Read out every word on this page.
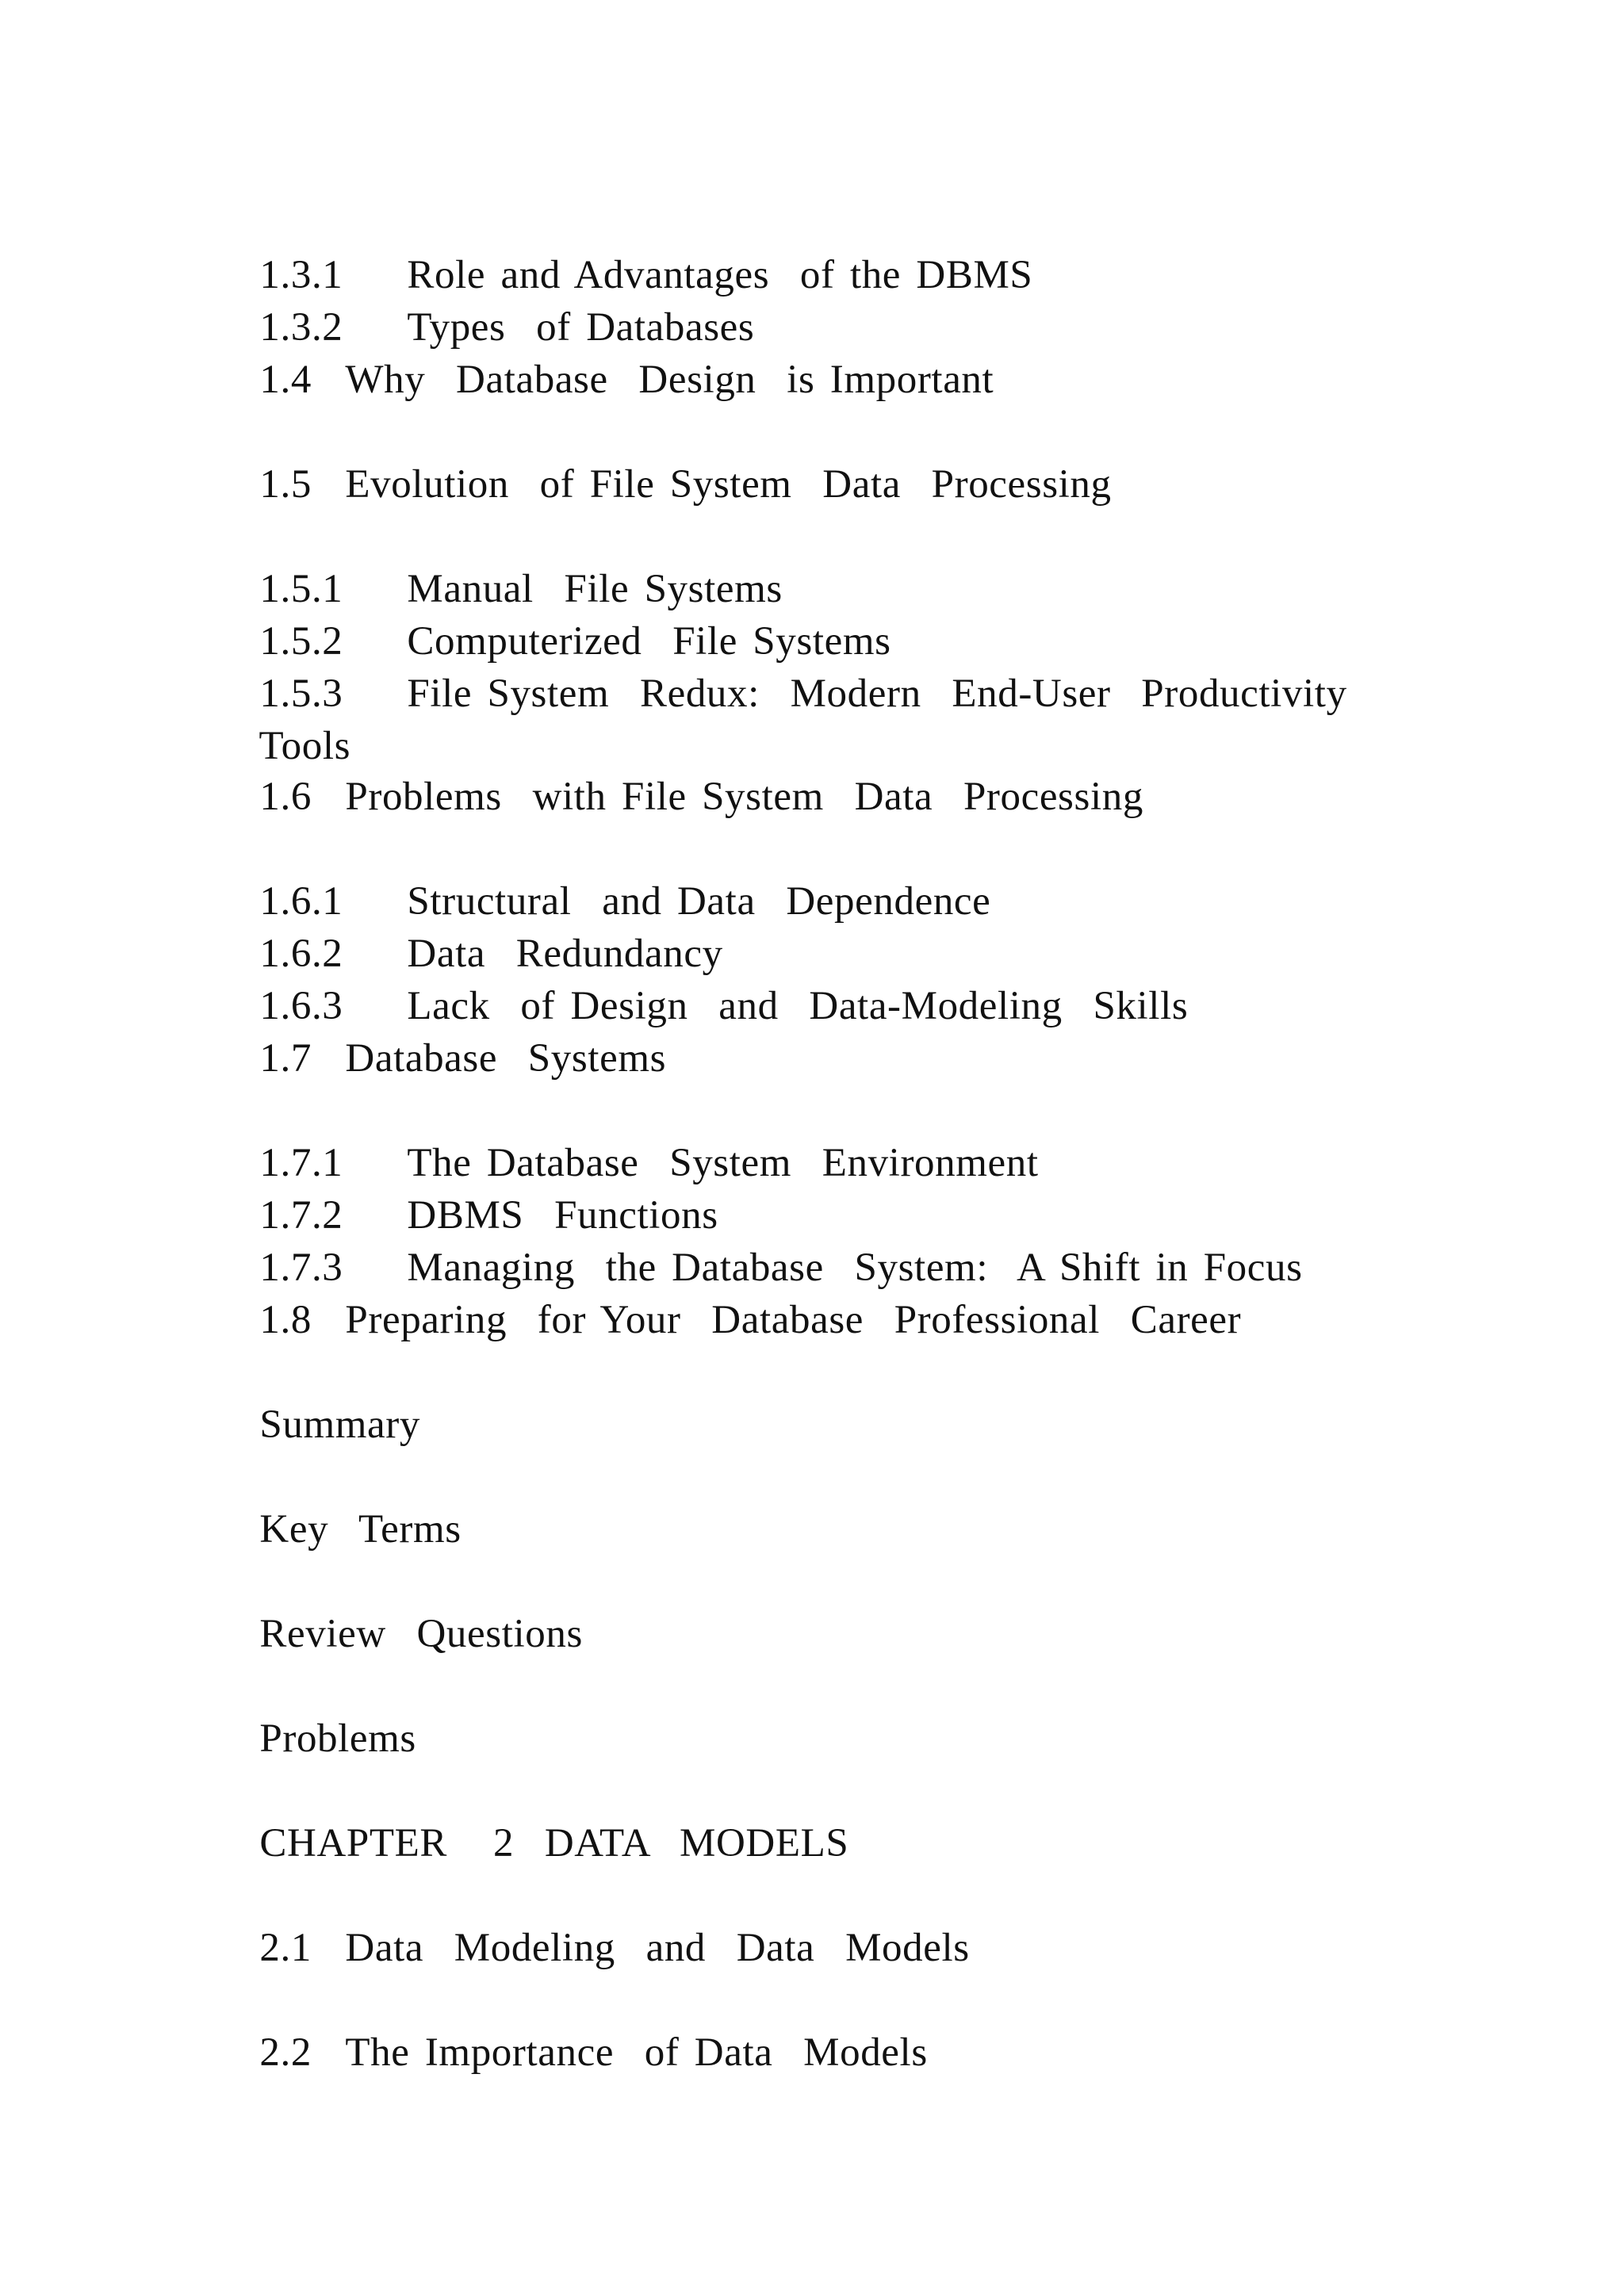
1.3.1 Role and Advantages  of the DBMS

1.3.2 Types  of Databases

1.4 Why  Database  Design  is Important

1.5 Evolution  of File System  Data  Processing

1.5.1 Manual  File Systems

1.5.2 Computerized  File Systems

1.5.3 File System  Redux:  Modern  End-User  Productivity

Tools

1.6 Problems  with File System  Data  Processing

1.6.1 Structural  and Data  Dependence

1.6.2 Data  Redundancy

1.6.3 Lack  of Design  and  Data-Modeling  Skills

1.7 Database  Systems

1.7.1 The Database  System  Environment

1.7.2 DBMS  Functions

1.7.3 Managing  the Database  System:  A Shift in Focus

1.8 Preparing  for Your  Database  Professional  Career

Summary

Key  Terms

Review  Questions

Problems

CHAPTER   2  DATA  MODELS

2.1 Data  Modeling  and  Data  Models

2.2 The Importance  of Data  Models
